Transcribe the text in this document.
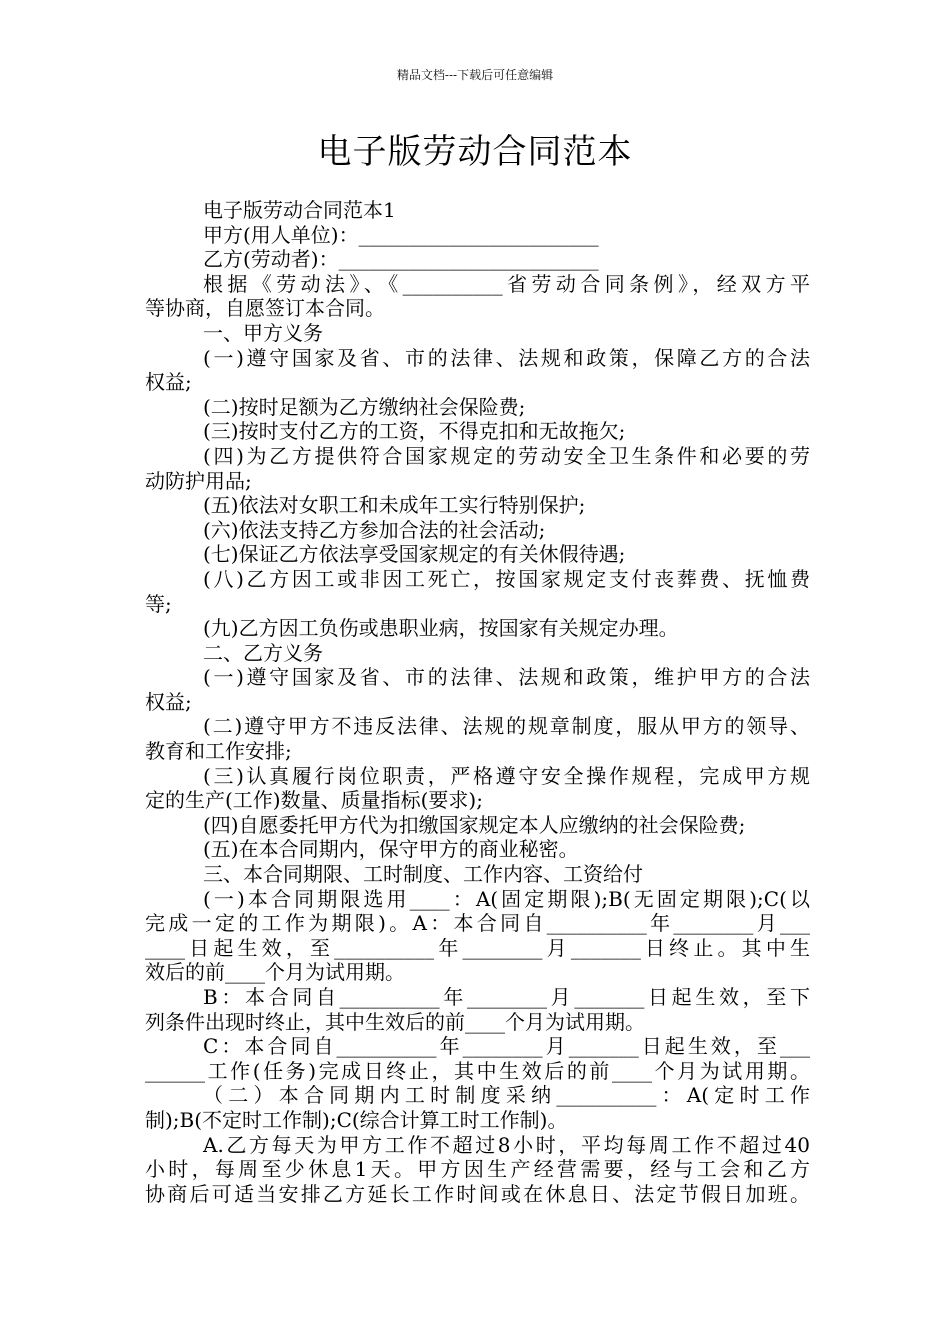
精品文档---下载后可任意编辑
电子版劳动合同范本
电子版劳动合同范本1
甲方(用人单位)：________________________
乙方(劳动者)：__________________________
根据《劳动法》、《__________省劳动合同条例》，经双方平
等协商，自愿签订本合同。
一、甲方义务
(一)遵守国家及省、市的法律、法规和政策，保障乙方的合法
权益;
(二)按时足额为乙方缴纳社会保险费;
(三)按时支付乙方的工资，不得克扣和无故拖欠;
(四)为乙方提供符合国家规定的劳动安全卫生条件和必要的劳
动防护用品;
(五)依法对女职工和未成年工实行特别保护;
(六)依法支持乙方参加合法的社会活动;
(七)保证乙方依法享受国家规定的有关休假待遇;
(八)乙方因工或非因工死亡，按国家规定支付丧葬费、抚恤费
等;
(九)乙方因工负伤或患职业病，按国家有关规定办理。
二、乙方义务
(一)遵守国家及省、市的法律、法规和政策，维护甲方的合法
权益;
(二)遵守甲方不违反法律、法规的规章制度，服从甲方的领导、
教育和工作安排;
(三)认真履行岗位职责，严格遵守安全操作规程，完成甲方规
定的生产(工作)数量、质量指标(要求);
(四)自愿委托甲方代为扣缴国家规定本人应缴纳的社会保险费;
(五)在本合同期内，保守甲方的商业秘密。
三、本合同期限、工时制度、工作内容、工资给付
(一)本合同期限选用____：A(固定期限);B(无固定期限);C(以
完成一定的工作为期限)。A：本合同自__________年________月___
____日起生效，至__________年________月_______日终止。其中生
效后的前____个月为试用期。
B：本合同自__________年________月_______日起生效，至下
列条件出现时终止，其中生效后的前____个月为试用期。
C：本合同自__________年________月_______日起生效，至___
______工作(任务)完成日终止，其中生效后的前____个月为试用期。
（二）本合同期内工时制度采纳__________：A(定时工作
制);B(不定时工作制);C(综合计算工时工作制)。
A.乙方每天为甲方工作不超过8小时，平均每周工作不超过40
小时，每周至少休息1天。甲方因生产经营需要，经与工会和乙方
协商后可适当安排乙方延长工作时间或在休息日、法定节假日加班。
